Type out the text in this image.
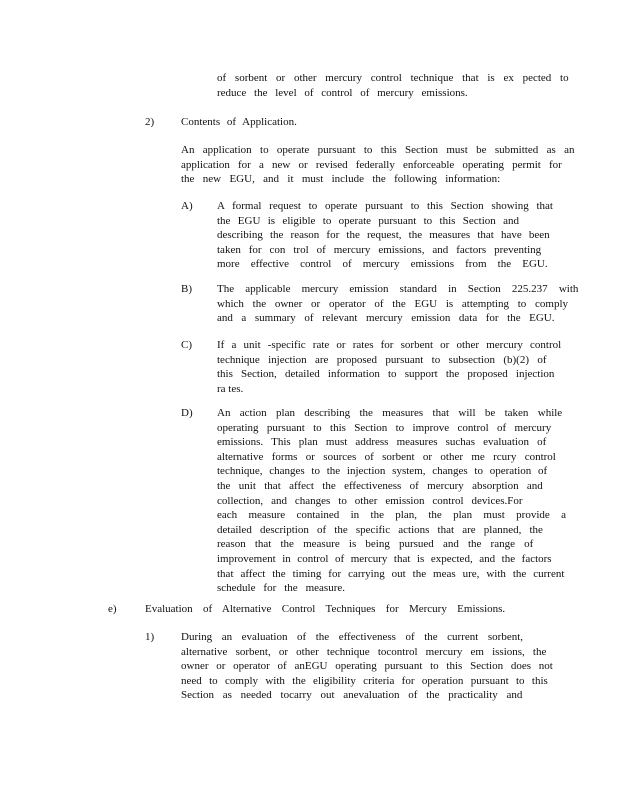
of sorbent or other mercury control technique that is ex pected to
reduce the level of control of mercury emissions.
2) Contents of Application.
An application to operate pursuant to this Section must be submitted as an
application for a new or revised federally enforceable operating permit for
the new EGU, and it must include the following information:
A) A formal request to operate pursuant to this Section showing that
the EGU is eligible to operate pursuant to this Section and
describing the reason for the request, the measures that have been
taken for con trol of mercury emissions, and factors preventing
more effective control of mercury emissions from the EGU.
B) The applicable mercury emission standard in Section 225.237 with
which the owner or operator of the EGU is attempting to comply
and a summary of relevant mercury emission data for the EGU.
C) If a unit -specific rate or rates for sorbent or other mercury control
technique injection are proposed pursuant to subsection (b)(2) of
this Section, detailed information to support the proposed injection
ra tes.
D) An action plan describing the measures that will be taken while
operating pursuant to this Section to improve control of mercury
emissions. This plan must address measures suchas evaluation of
alternative forms or sources of sorbent or other me rcury control
technique, changes to the injection system, changes to operation of
the unit that affect the effectiveness of mercury absorption and
collection, and changes to other emission control devices.For
each measure contained in the plan, the plan must provide a
detailed description of the specific actions that are planned, the
reason that the measure is being pursued and the range of
improvement in control of mercury that is expected, and the factors
that affect the timing for carrying out the meas ure, with the current
schedule for the measure.
e)	Evaluation of Alternative Control Techniques for Mercury Emissions.
1) During an evaluation of the effectiveness of the current sorbent,
alternative sorbent, or other technique tocontrol mercury em issions, the
owner or operator of anEGU operating pursuant to this Section does not
need to comply with the eligibility criteria for operation pursuant to this
Section as needed tocarry out anevaluation of the practicality and
